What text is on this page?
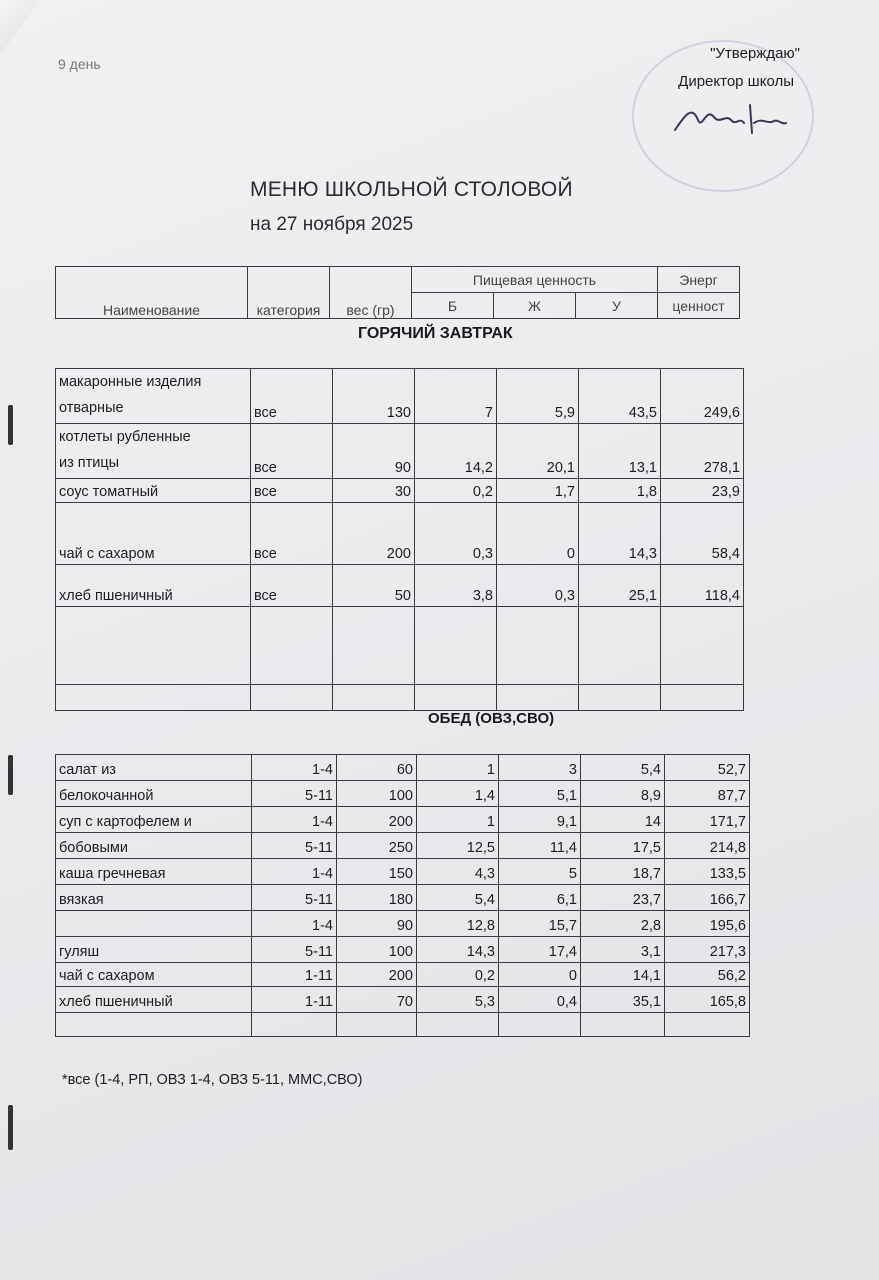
9 день
"Утверждаю"
Директор школы
МЕНЮ ШКОЛЬНОЙ СТОЛОВОЙ
на 27 ноября 2025
Наименование	категория	вес (гр)	Пищевая ценность			Энерг
			Б	Ж	У	ценност
ГОРЯЧИЙ ЗАВТРАК
макаронные изделия
отварные	все	130	7	5,9	43,5	249,6
котлеты рубленные
из птицы	все	90	14,2	20,1	13,1	278,1
соус томатный	все	30	0,2	1,7	1,8	23,9
чай с сахаром	все	200	0,3	0	14,3	58,4
хлеб пшеничный	все	50	3,8	0,3	25,1	118,4

ОБЕД (ОВЗ,СВО)
салат из	1-4	60	1	3	5,4	52,7
белокочанной	5-11	100	1,4	5,1	8,9	87,7
суп с картофелем и	1-4	200	1	9,1	14	171,7
бобовыми	5-11	250	12,5	11,4	17,5	214,8
каша гречневая	1-4	150	4,3	5	18,7	133,5
вязкая	5-11	180	5,4	6,1	23,7	166,7
	1-4	90	12,8	15,7	2,8	195,6
гуляш	5-11	100	14,3	17,4	3,1	217,3
чай с сахаром	1-11	200	0,2	0	14,1	56,2
хлеб пшеничный	1-11	70	5,3	0,4	35,1	165,8

*все (1-4, РП, ОВЗ 1-4, ОВЗ 5-11, ММС,СВО)
